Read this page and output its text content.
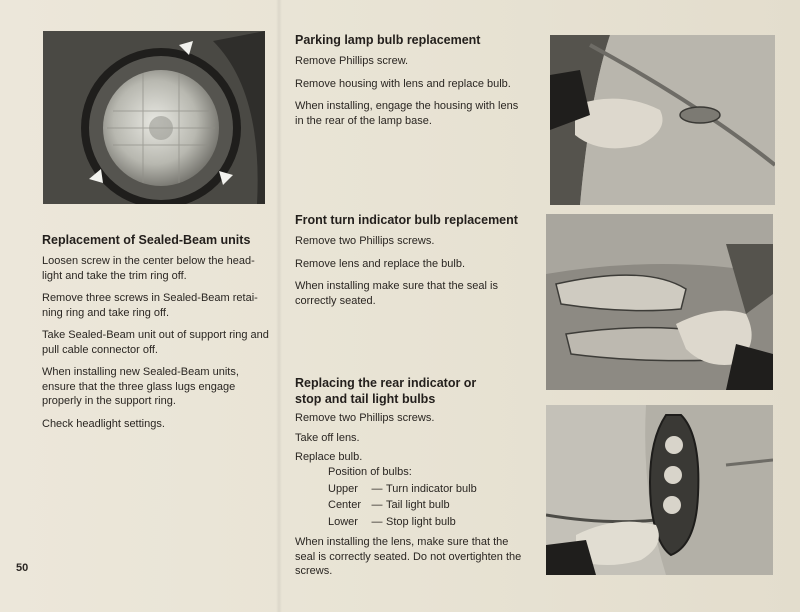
Replacement of Sealed-Beam units

Loosen screw in the center below the head-light and take the trim ring off.

Remove three screws in Sealed-Beam retai-ning ring and take ring off.

Take Sealed-Beam unit out of support ring and pull cable connector off.

When installing new Sealed-Beam units, ensure that the three glass lugs engage properly in the support ring.

Check headlight settings.

Parking lamp bulb replacement

Remove Phillips screw.

Remove housing with lens and replace bulb.

When installing, engage the housing with lens in the rear of the lamp base.

Front turn indicator bulb replacement

Remove two Phillips screws.

Remove lens and replace the bulb.

When installing make sure that the seal is correctly seated.

Replacing the rear indicator or stop and tail light bulbs

Remove two Phillips screws.

Take off lens.

Replace bulb.

Position of bulbs:
Upper	— Turn indicator bulb
Center — Tail light bulb
Lower	— Stop light bulb

When installing the lens, make sure that the seal is correctly seated. Do not overtighten the screws.

50
